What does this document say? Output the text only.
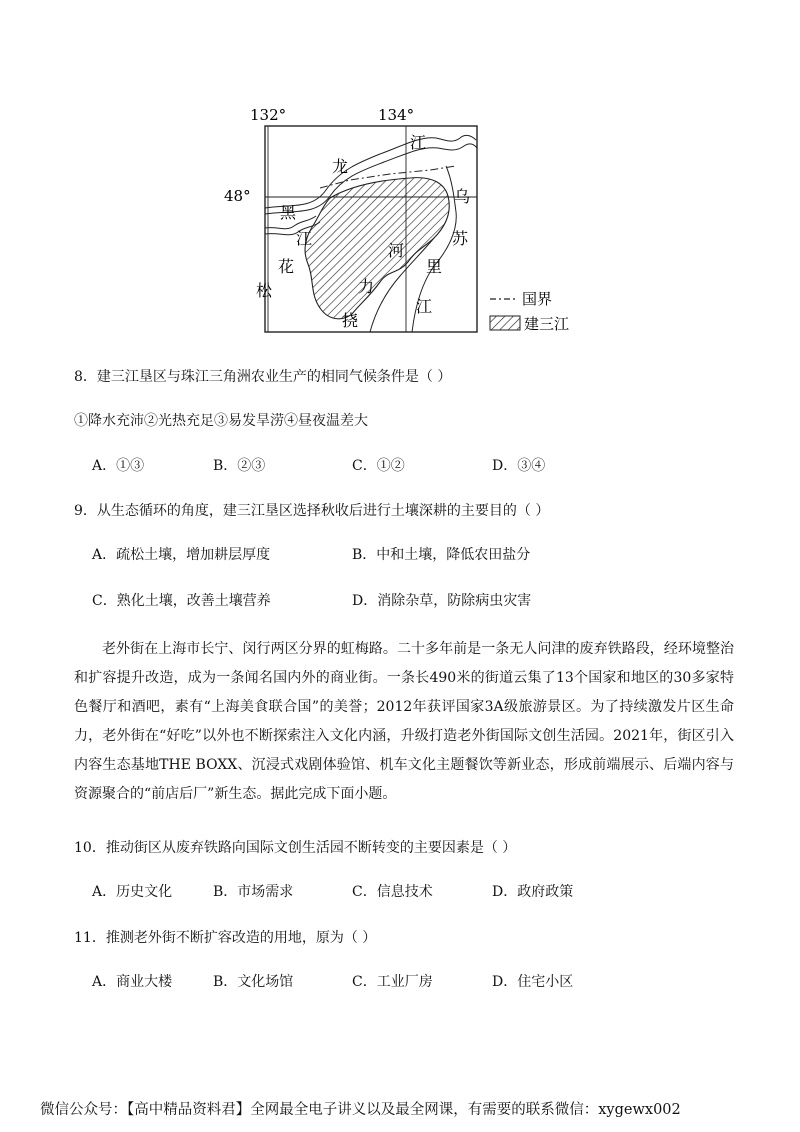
132°	134°
48°
龙
江
黑
江
花
松
乌
苏
里
江
河
力
挠
国界
建三江
8．建三江垦区与珠江三角洲农业生产的相同气候条件是（ ）
①降水充沛②光热充足③易发旱涝④昼夜温差大
A．①③	B．②③	C．①②	D．③④
9．从生态循环的角度，建三江垦区选择秋收后进行土壤深耕的主要目的（ ）
A．疏松土壤，增加耕层厚度	B．中和土壤，降低农田盐分
C．熟化土壤，改善土壤营养	D．消除杂草，防除病虫灾害

老外街在上海市长宁、闵行两区分界的虹梅路。二十多年前是一条无人问津的废弃铁路段，经环境整治和扩容提升改造，成为一条闻名国内外的商业街。一条长490米的街道云集了13个国家和地区的30多家特色餐厅和酒吧，素有“上海美食联合国”的美誉；2012年获评国家3A级旅游景区。为了持续激发片区生命力，老外街在“好吃”以外也不断探索注入文化内涵，升级打造老外街国际文创生活园。2021年，街区引入内容生态基地THE BOXX、沉浸式戏剧体验馆、机车文化主题餐饮等新业态，形成前端展示、后端内容与资源聚合的“前店后厂”新生态。据此完成下面小题。

10．推动街区从废弃铁路向国际文创生活园不断转变的主要因素是（ ）
A．历史文化	B．市场需求	C．信息技术	D．政府政策
11．推测老外街不断扩容改造的用地，原为（ ）
A．商业大楼	B．文化场馆	C．工业厂房	D．住宅小区
微信公众号：【高中精品资料君】全网最全电子讲义以及最全网课，有需要的联系微信：xygewx002
